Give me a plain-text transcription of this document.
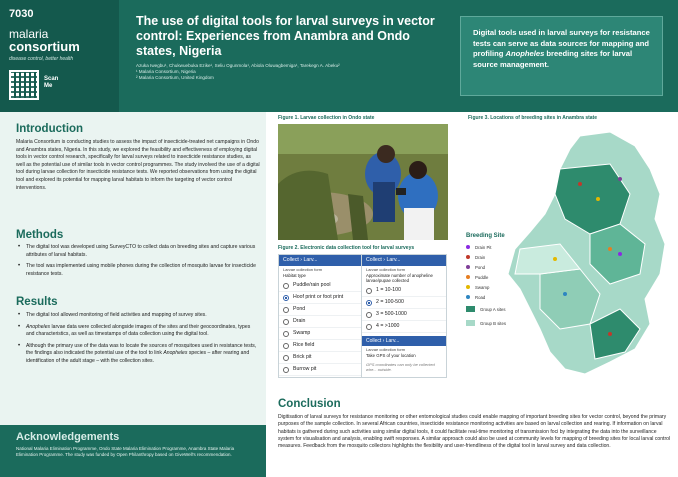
7030
malaria
consortium
disease control, better health
Scan Me
The use of digital tools for larval surveys in vector control: Experiences from Anambra and Ondo states, Nigeria
Azuka Iwegbu¹, Chukwuebuka Ezike¹, Seliu Ogunmola¹, Abiola Oluwagbemiga¹, Tarekegn A. Abeku²
¹ Malaria Consortium, Nigeria
² Malaria Consortium, United Kingdom
Digital tools used in larval surveys for resistance tests can serve as data sources for mapping and profiling Anopheles breeding sites for larval source management.
Introduction
Malaria Consortium is conducting studies to assess the impact of insecticide-treated net campaigns in Ondo and Anambra states, Nigeria. In this study, we explored the feasibility and effectiveness of employing digital tools in vector control research, specifically for larval surveys related to insecticide resistance studies, as well as the potential use of similar tools in vector control programmes. The study involved the use of a digital tool during larvae collection for insecticide resistance tests. We reported observations from using the digital tool and explored its potential for mapping larval habitats to inform the targeting of vector control interventions.
Methods
• The digital tool was developed using SurveyCTO to collect data on breeding sites and capture various attributes of larval habitats.
• The tool was implemented using mobile phones during the collection of mosquito larvae for insecticide resistance tests.
Results
• The digital tool allowed monitoring of field activities and mapping of survey sites.
• Anopheles larvae data were collected alongside images of the sites and their geocoordinates, types and characteristics, as well as timestamps of data collection using the digital tool.
• Although the primary use of the data was to locate the sources of mosquitoes used in resistance tests, the findings also indicated the potential use of the tool to link Anopheles species – after rearing and identification of the adult stage – with the collection sites.
Acknowledgements
National Malaria Elimination Programme, Ondo State Malaria Elimination Programme, Anambra State Malaria Elimination Programme. The study was funded by Open Philanthropy based on GiveWell's recommendation.
Figure 1. Larvae collection in Ondo state
Figure 2. Electronic data collection tool for larval surveys
Collect › Larv...
Larvae collection form
Habitat type
Puddle/rain pool
Hoof print or foot print
Pond
Drain
Swamp
Rice field
Brick pit
Burrow pit
Collect › Larv...
Larvae collection form
Approximate number of anopheline larvae/pupae collected
1 = 10-100
2 = 100-500
3 = 500-1000
4 = >1000
Collect › Larv...
Larvae collection form
Take GPS of your location
GPS coordinates can only be collected whe... outside.
Figure 3. Locations of breeding sites in Anambra state
Breeding Site
Drain Pit
Drain
Pond
Puddle
Swamp
Road
Group A sites
Group B sites
Conclusion
Digitisation of larval surveys for resistance monitoring or other entomological studies could enable mapping of important breeding sites for vector control, beyond the primary purposes of the sample collection. In several African countries, insecticide resistance monitoring activities are based on larval collection and rearing. If information on larval habitats is gathered during such activities using similar digital tools, it could facilitate real-time monitoring of transmission foci by integrating the data into the surveillance system for visualisation and analysis, enabling swift responses. A similar approach could also be used at community levels for mapping of breeding sites for local larval control measures. Feedback from the mosquito collectors highlights the flexibility and user-friendliness of the digital tool in larval survey and data collection.
